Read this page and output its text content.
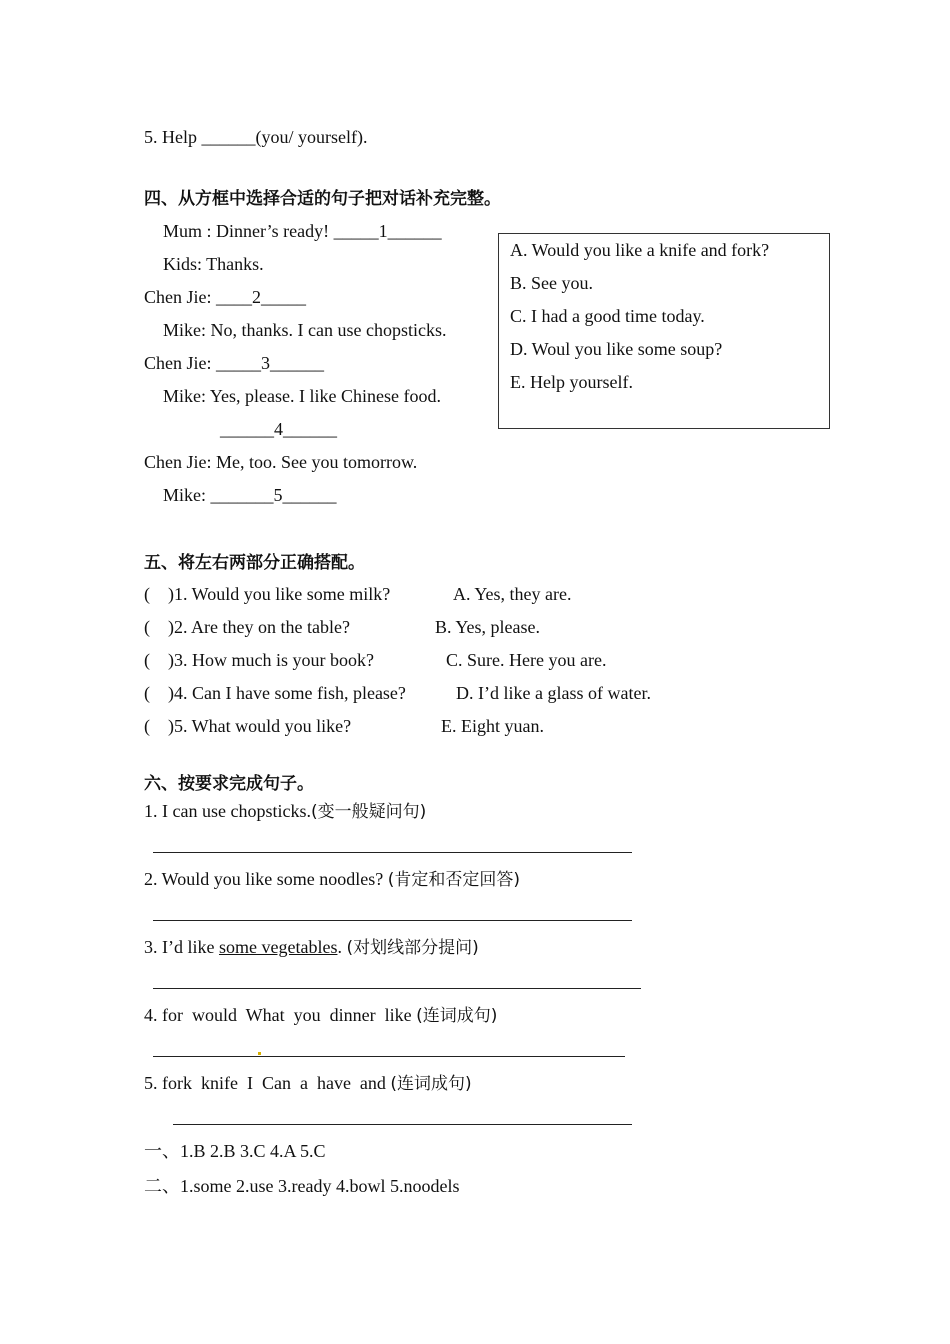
5. Help ______(you/ yourself).
四、从方框中选择合适的句子把对话补充完整。
Mum : Dinner’s ready! _____1______
Kids: Thanks.
Chen Jie: ____2_____
Mike: No, thanks. I can use chopsticks.
Chen Jie: _____3______
Mike: Yes, please. I like Chinese food.
______4______
Chen Jie: Me, too. See you tomorrow.
Mike: _______5______
A. Would you like a knife and fork?
B. See you.
C. I had a good time today.
D. Woul you like some soup?
E. Help yourself.
五、将左右两部分正确搭配。
(    )1. Would you like some milk?
(    )2. Are they on the table?
(    )3. How much is your book?
(    )4. Can I have some fish, please?
(    )5. What would you like?
A. Yes, they are.
B. Yes, please.
C. Sure. Here you are.
D. I’d like a glass of water.
E. Eight yuan.
六、按要求完成句子。
1. I can use chopsticks.(变一般疑问句)
2. Would you like some noodles? (肯定和否定回答)
3. I’d like some vegetables. (对划线部分提问)
4. for  would  What  you  dinner  like (连词成句)
5. fork  knife  I  Can  a  have  and (连词成句)
一、1.B 2.B 3.C 4.A 5.C
二、1.some 2.use 3.ready 4.bowl 5.noodels
